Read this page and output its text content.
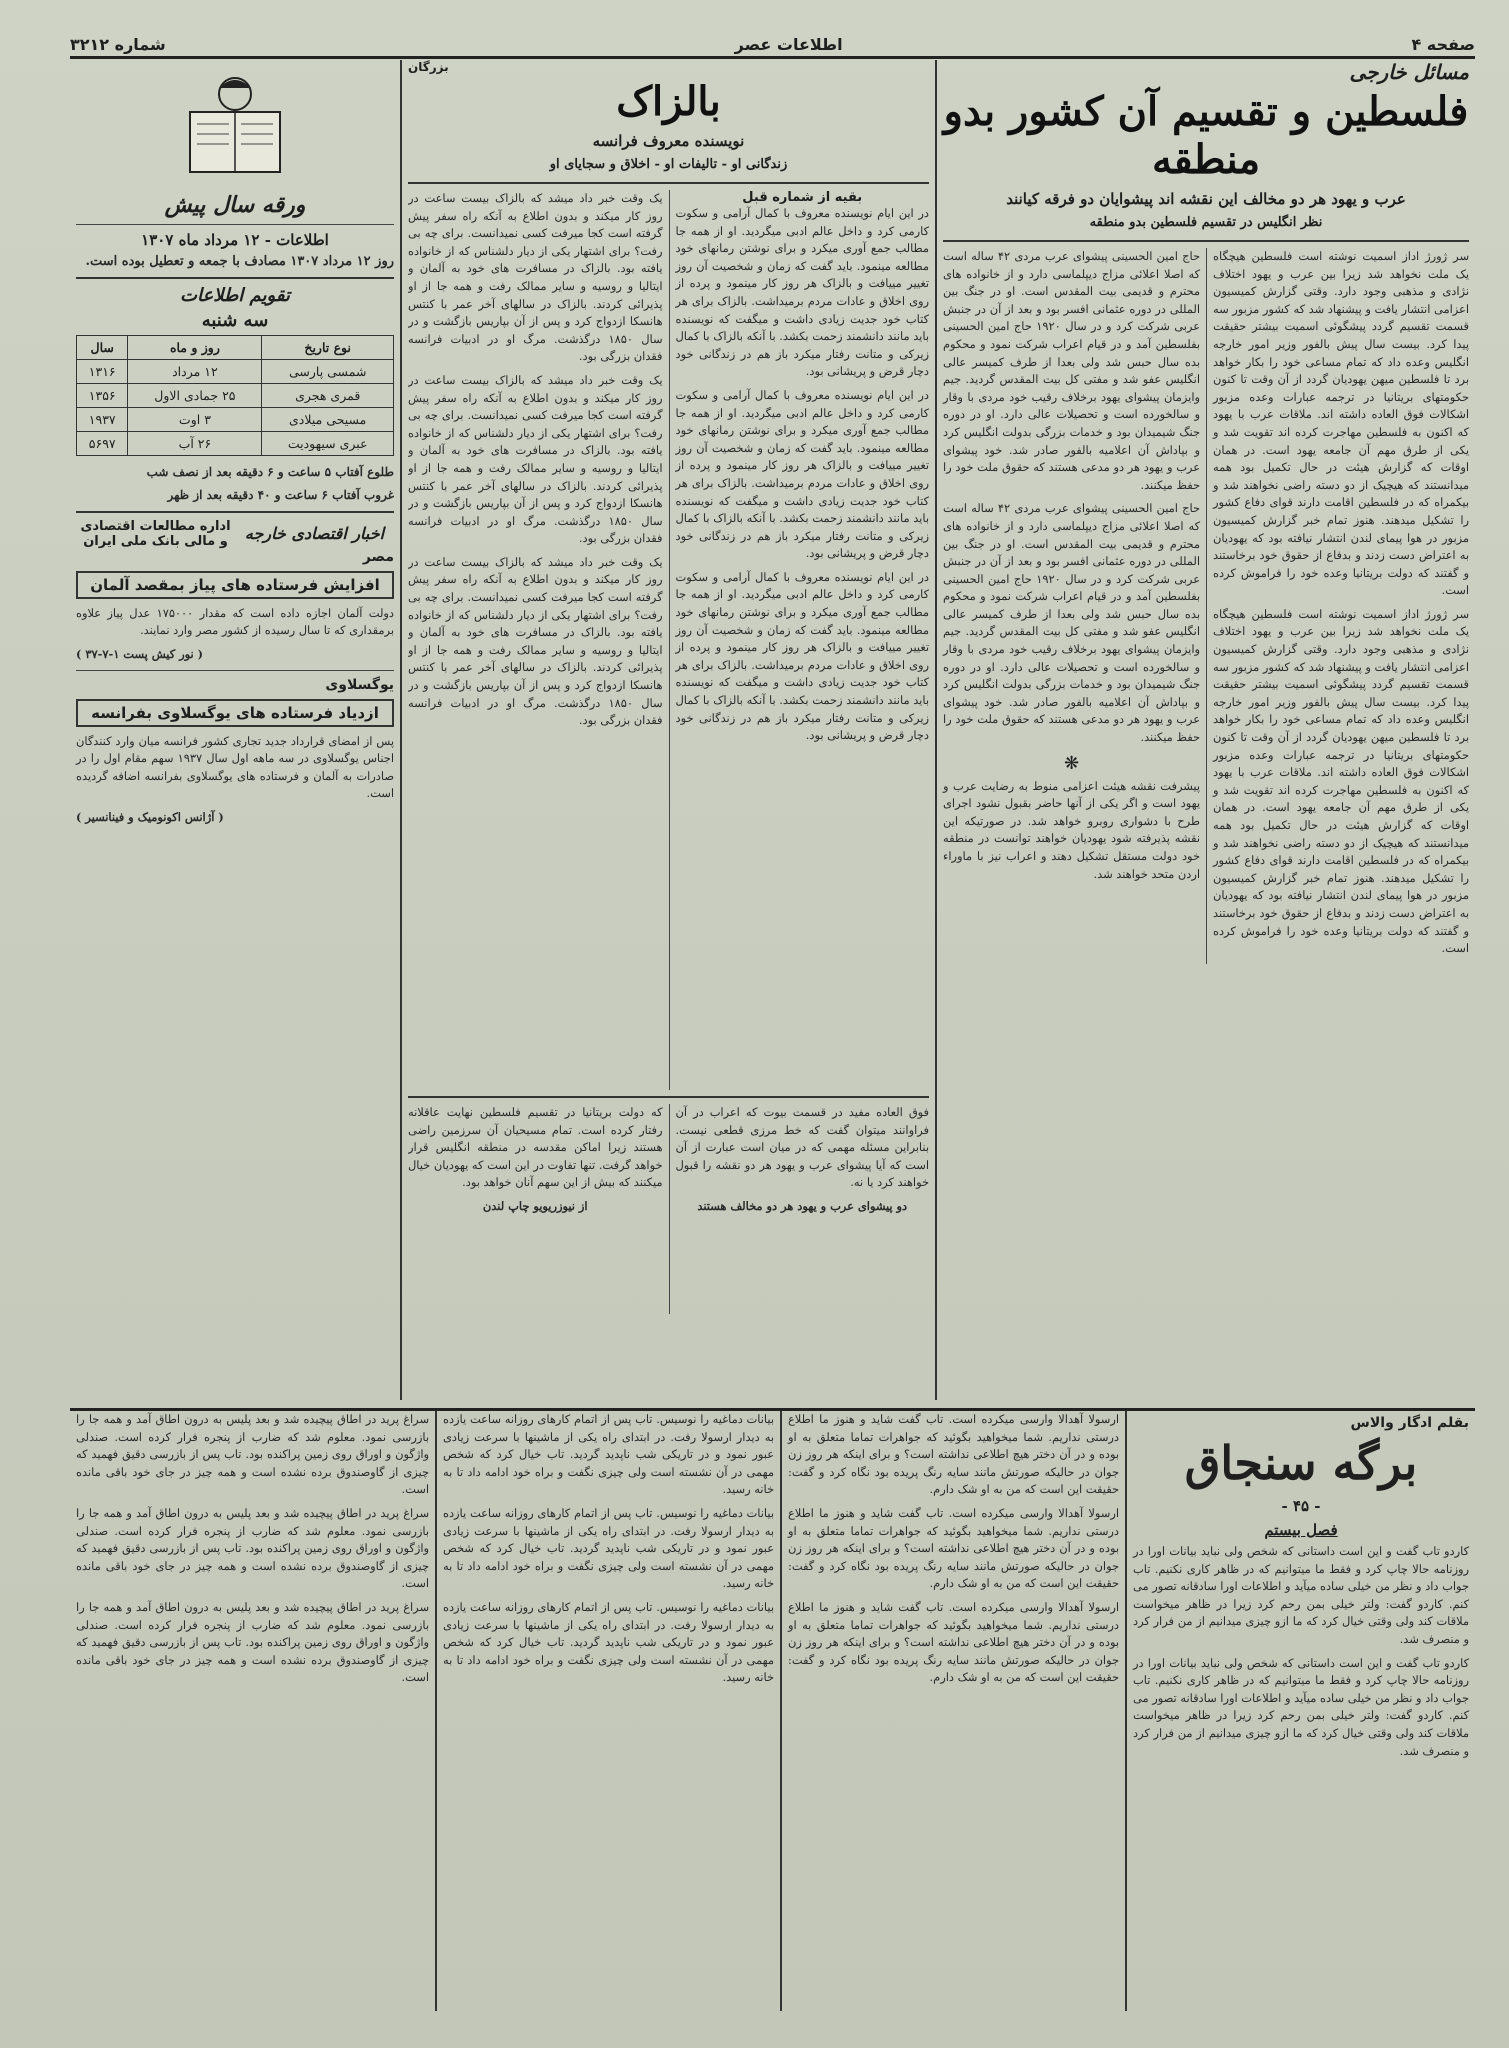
صفحه ۴
اطلاعات عصر
شماره ۳۲۱۲
مسائل خارجی
فلسطین و تقسیم آن کشور بدو منطقه
عرب و یهود هر دو مخالف این نقشه اند پیشوایان دو فرقه کیانند
نظر انگلیس در تقسیم فلسطین بدو منطقه

سر ژورژ اداز اسمیت نوشته است فلسطین هیچگاه یک ملت نخواهد شد زیرا بین عرب و یهود اختلاف نژادی و مذهبی وجود دارد. وقتی گزارش کمیسیون اعزامی انتشار یافت و پیشنهاد شد که کشور مزبور سه قسمت تقسیم گردد پیشگوئی اسمیت بیشتر حقیقت پیدا کرد. بیست سال پیش بالفور وزیر امور خارجه انگلیس وعده داد که تمام مساعی خود را بکار خواهد برد تا فلسطین میهن یهودیان گردد از آن وقت تا کنون حکومتهای بریتانیا در ترجمه عبارات وعده مزبور اشکالات فوق العاده داشته اند. ملاقات عرب با یهود که اکنون به فلسطین مهاجرت کرده اند تقویت شد و یکی از طرق مهم آن جامعه یهود است. در همان اوقات که گزارش هیئت در حال تکمیل بود همه میدانستند که هیچیک از دو دسته راضی نخواهند شد و بیکمراه که در فلسطین اقامت دارند قوای دفاع کشور را تشکیل میدهند. هنوز تمام خبر گزارش کمیسیون مزبور در هوا پیمای لندن انتشار نیافته بود که یهودیان به اعتراض دست زدند و بدفاع از حقوق خود برخاستند و گفتند که دولت بریتانیا وعده خود را فراموش کرده است.

سر ژورژ اداز اسمیت نوشته است فلسطین هیچگاه یک ملت نخواهد شد زیرا بین عرب و یهود اختلاف نژادی و مذهبی وجود دارد. وقتی گزارش کمیسیون اعزامی انتشار یافت و پیشنهاد شد که کشور مزبور سه قسمت تقسیم گردد پیشگوئی اسمیت بیشتر حقیقت پیدا کرد. بیست سال پیش بالفور وزیر امور خارجه انگلیس وعده داد که تمام مساعی خود را بکار خواهد برد تا فلسطین میهن یهودیان گردد از آن وقت تا کنون حکومتهای بریتانیا در ترجمه عبارات وعده مزبور اشکالات فوق العاده داشته اند. ملاقات عرب با یهود که اکنون به فلسطین مهاجرت کرده اند تقویت شد و یکی از طرق مهم آن جامعه یهود است. در همان اوقات که گزارش هیئت در حال تکمیل بود همه میدانستند که هیچیک از دو دسته راضی نخواهند شد و بیکمراه که در فلسطین اقامت دارند قوای دفاع کشور را تشکیل میدهند. هنوز تمام خبر گزارش کمیسیون مزبور در هوا پیمای لندن انتشار نیافته بود که یهودیان به اعتراض دست زدند و بدفاع از حقوق خود برخاستند و گفتند که دولت بریتانیا وعده خود را فراموش کرده است.

حاج امین الحسینی پیشوای عرب مردی ۴۲ ساله است که اصلا اعلائی مزاج دیپلماسی دارد و از خانواده های محترم و قدیمی بیت المقدس است. او در جنگ بین المللی در دوره عثمانی افسر بود و بعد از آن در جنبش عربی شرکت کرد و در سال ۱۹۲۰ حاج امین الحسینی بفلسطین آمد و در قیام اعراب شرکت نمود و محکوم بده سال حبس شد ولی بعدا از طرف کمیسر عالی انگلیس عفو شد و مفتی کل بیت المقدس گردید. جیم وایزمان پیشوای یهود برخلاف رقیب خود مردی با وقار و سالخورده است و تحصیلات عالی دارد. او در دوره جنگ شیمیدان بود و خدمات بزرگی بدولت انگلیس کرد و بپاداش آن اعلامیه بالفور صادر شد. خود پیشوای عرب و یهود هر دو مدعی هستند که حقوق ملت خود را حفظ میکنند.

حاج امین الحسینی پیشوای عرب مردی ۴۲ ساله است که اصلا اعلائی مزاج دیپلماسی دارد و از خانواده های محترم و قدیمی بیت المقدس است. او در جنگ بین المللی در دوره عثمانی افسر بود و بعد از آن در جنبش عربی شرکت کرد و در سال ۱۹۲۰ حاج امین الحسینی بفلسطین آمد و در قیام اعراب شرکت نمود و محکوم بده سال حبس شد ولی بعدا از طرف کمیسر عالی انگلیس عفو شد و مفتی کل بیت المقدس گردید. جیم وایزمان پیشوای یهود برخلاف رقیب خود مردی با وقار و سالخورده است و تحصیلات عالی دارد. او در دوره جنگ شیمیدان بود و خدمات بزرگی بدولت انگلیس کرد و بپاداش آن اعلامیه بالفور صادر شد. خود پیشوای عرب و یهود هر دو مدعی هستند که حقوق ملت خود را حفظ میکنند.

❋

پیشرفت نقشه هیئت اعزامی منوط به رضایت عرب و یهود است و اگر یکی از آنها حاضر بقبول نشود اجرای طرح با دشواری روبرو خواهد شد. در صورتیکه این نقشه پذیرفته شود یهودیان خواهند توانست در منطقه خود دولت مستقل تشکیل دهند و اعراب نیز با ماوراء اردن متحد خواهند شد.

بزرگان
بالزاک
نویسنده معروف فرانسه
زندگانی او - تالیفات او - اخلاق و سجایای او
بقیه از شماره قبل

در این ایام نویسنده معروف با کمال آرامی و سکوت کارمی کرد و داخل عالم ادبی میگردید. او از همه جا مطالب جمع آوری میکرد و برای نوشتن رمانهای خود مطالعه مینمود. باید گفت که زمان و شخصیت آن روز تغییر مییافت و بالزاک هر روز کار مینمود و پرده از روی اخلاق و عادات مردم برمیداشت. بالزاک برای هر کتاب خود جدیت زیادی داشت و میگفت که نویسنده باید مانند دانشمند زحمت بکشد. با آنکه بالزاک با کمال زیرکی و متانت رفتار میکرد باز هم در زندگانی خود دچار قرض و پریشانی بود.

در این ایام نویسنده معروف با کمال آرامی و سکوت کارمی کرد و داخل عالم ادبی میگردید. او از همه جا مطالب جمع آوری میکرد و برای نوشتن رمانهای خود مطالعه مینمود. باید گفت که زمان و شخصیت آن روز تغییر مییافت و بالزاک هر روز کار مینمود و پرده از روی اخلاق و عادات مردم برمیداشت. بالزاک برای هر کتاب خود جدیت زیادی داشت و میگفت که نویسنده باید مانند دانشمند زحمت بکشد. با آنکه بالزاک با کمال زیرکی و متانت رفتار میکرد باز هم در زندگانی خود دچار قرض و پریشانی بود.

در این ایام نویسنده معروف با کمال آرامی و سکوت کارمی کرد و داخل عالم ادبی میگردید. او از همه جا مطالب جمع آوری میکرد و برای نوشتن رمانهای خود مطالعه مینمود. باید گفت که زمان و شخصیت آن روز تغییر مییافت و بالزاک هر روز کار مینمود و پرده از روی اخلاق و عادات مردم برمیداشت. بالزاک برای هر کتاب خود جدیت زیادی داشت و میگفت که نویسنده باید مانند دانشمند زحمت بکشد. با آنکه بالزاک با کمال زیرکی و متانت رفتار میکرد باز هم در زندگانی خود دچار قرض و پریشانی بود.

یک وقت خبر داد میشد که بالزاک بیست ساعت در روز کار میکند و بدون اطلاع به آنکه راه سفر پیش گرفته است کجا میرفت کسی نمیدانست. برای چه بی رفت؟ برای اشتهار یکی از دیار دلشناس که از خانواده یافته بود. بالزاک در مسافرت های خود به آلمان و ایتالیا و روسیه و سایر ممالک رفت و همه جا از او پذیرائی کردند. بالزاک در سالهای آخر عمر با کنتس هانسکا ازدواج کرد و پس از آن بپاریس بازگشت و در سال ۱۸۵۰ درگذشت. مرگ او در ادبیات فرانسه فقدان بزرگی بود.

یک وقت خبر داد میشد که بالزاک بیست ساعت در روز کار میکند و بدون اطلاع به آنکه راه سفر پیش گرفته است کجا میرفت کسی نمیدانست. برای چه بی رفت؟ برای اشتهار یکی از دیار دلشناس که از خانواده یافته بود. بالزاک در مسافرت های خود به آلمان و ایتالیا و روسیه و سایر ممالک رفت و همه جا از او پذیرائی کردند. بالزاک در سالهای آخر عمر با کنتس هانسکا ازدواج کرد و پس از آن بپاریس بازگشت و در سال ۱۸۵۰ درگذشت. مرگ او در ادبیات فرانسه فقدان بزرگی بود.

یک وقت خبر داد میشد که بالزاک بیست ساعت در روز کار میکند و بدون اطلاع به آنکه راه سفر پیش گرفته است کجا میرفت کسی نمیدانست. برای چه بی رفت؟ برای اشتهار یکی از دیار دلشناس که از خانواده یافته بود. بالزاک در مسافرت های خود به آلمان و ایتالیا و روسیه و سایر ممالک رفت و همه جا از او پذیرائی کردند. بالزاک در سالهای آخر عمر با کنتس هانسکا ازدواج کرد و پس از آن بپاریس بازگشت و در سال ۱۸۵۰ درگذشت. مرگ او در ادبیات فرانسه فقدان بزرگی بود.

فوق العاده مفید در قسمت بیوت که اعراب در آن فراوانند میتوان گفت که خط مرزی قطعی نیست. بنابراین مسئله مهمی که در میان است عبارت از آن است که آیا پیشوای عرب و یهود هر دو نقشه را قبول خواهند کرد یا نه.

دو پیشوای عرب و یهود هر دو مخالف هستند

که دولت بریتانیا در تقسیم فلسطین نهایت عاقلانه رفتار کرده است. تمام مسیحیان آن سرزمین راضی هستند زیرا اماکن مقدسه در منطقه انگلیس قرار خواهد گرفت. تنها تفاوت در این است که یهودیان خیال میکنند که بیش از این سهم آنان خواهد بود.

از نیوزریویو چاپ لندن

ورقه سال پیش
اطلاعات - ۱۲ مرداد ماه ۱۳۰۷

روز ۱۲ مرداد ۱۳۰۷ مصادف با جمعه و تعطیل بوده است.

تقویم اطلاعات
سه شنبه
نوع تاریخ	روز و ماه	سال
شمسی پارسی	۱۲ مرداد	۱۳۱۶
قمری هجری	۲۵ جمادی الاول	۱۳۵۶
مسیحی میلادی	۳ اوت	۱۹۳۷
عبری سیهودیت	۲۶ آب	۵۶۹۷

طلوع آفتاب ۵ ساعت و ۶ دقیقه بعد از نصف شب

غروب آفتاب ۶ ساعت و ۴۰ دقیقه بعد از ظهر

اخبار اقتصادی خارجه
اداره مطالعات اقتصادی و مالی بانک ملی ایران
مصر
افزایش فرستاده های پیاز بمقصد آلمان

دولت آلمان اجازه داده است که مقدار ۱۷۵۰۰۰ عدل پیاز علاوه برمقداری که تا سال رسیده از کشور مصر وارد نمایند.

( نور کیش پست ۱-۷-۳۷ )

یوگسلاوی
ازدیاد فرستاده های یوگسلاوی بفرانسه

پس از امضای قرارداد جدید تجاری کشور فرانسه میان وارد کنندگان اجناس یوگسلاوی در سه ماهه اول سال ۱۹۳۷ سهم مقام اول را در صادرات به آلمان و فرستاده های یوگسلاوی بفرانسه اضافه گردیده است.

( آژانس اکونومیک و فینانسیر )

بقلم ادگار والاس
برگه سنجاق
- ۴۵ -
فصل بیستم

کاردو تاب گفت و این است داستانی که شخص ولی نباید بیانات اورا در روزنامه حالا چاپ کرد و فقط ما میتوانیم که در ظاهر کاری نکنیم. تاب جواب داد و نظر من خیلی ساده میآید و اطلاعات اورا سادقانه تصور می کنم. کاردو گفت: ولتر خیلی بمن رحم کرد زیرا در ظاهر میخواست ملاقات کند ولی وقتی خیال کرد که ما ازو چیزی میدانیم از من فرار کرد و منصرف شد.

کاردو تاب گفت و این است داستانی که شخص ولی نباید بیانات اورا در روزنامه حالا چاپ کرد و فقط ما میتوانیم که در ظاهر کاری نکنیم. تاب جواب داد و نظر من خیلی ساده میآید و اطلاعات اورا سادقانه تصور می کنم. کاردو گفت: ولتر خیلی بمن رحم کرد زیرا در ظاهر میخواست ملاقات کند ولی وقتی خیال کرد که ما ازو چیزی میدانیم از من فرار کرد و منصرف شد.

ارسولا آهدالا وارسی میکرده است. تاب گفت شاید و هنوز ما اطلاع درستی نداریم. شما میخواهید بگوئید که جواهرات تماما متعلق به او بوده و در آن دختر هیچ اطلاعی نداشته است؟ و برای اینکه هر روز زن جوان در حالیکه صورتش مانند سایه رنگ پریده بود نگاه کرد و گفت: حقیقت این است که من به او شک دارم.

ارسولا آهدالا وارسی میکرده است. تاب گفت شاید و هنوز ما اطلاع درستی نداریم. شما میخواهید بگوئید که جواهرات تماما متعلق به او بوده و در آن دختر هیچ اطلاعی نداشته است؟ و برای اینکه هر روز زن جوان در حالیکه صورتش مانند سایه رنگ پریده بود نگاه کرد و گفت: حقیقت این است که من به او شک دارم.

ارسولا آهدالا وارسی میکرده است. تاب گفت شاید و هنوز ما اطلاع درستی نداریم. شما میخواهید بگوئید که جواهرات تماما متعلق به او بوده و در آن دختر هیچ اطلاعی نداشته است؟ و برای اینکه هر روز زن جوان در حالیکه صورتش مانند سایه رنگ پریده بود نگاه کرد و گفت: حقیقت این است که من به او شک دارم.

بیانات دماغیه را نوسیس. تاب پس از اتمام کارهای روزانه ساعت یازده به دیدار ارسولا رفت. در ابتدای راه یکی از ماشینها با سرعت زیادی عبور نمود و در تاریکی شب ناپدید گردید. تاب خیال کرد که شخص مهمی در آن نشسته است ولی چیزی نگفت و براه خود ادامه داد تا به خانه رسید.

بیانات دماغیه را نوسیس. تاب پس از اتمام کارهای روزانه ساعت یازده به دیدار ارسولا رفت. در ابتدای راه یکی از ماشینها با سرعت زیادی عبور نمود و در تاریکی شب ناپدید گردید. تاب خیال کرد که شخص مهمی در آن نشسته است ولی چیزی نگفت و براه خود ادامه داد تا به خانه رسید.

بیانات دماغیه را نوسیس. تاب پس از اتمام کارهای روزانه ساعت یازده به دیدار ارسولا رفت. در ابتدای راه یکی از ماشینها با سرعت زیادی عبور نمود و در تاریکی شب ناپدید گردید. تاب خیال کرد که شخص مهمی در آن نشسته است ولی چیزی نگفت و براه خود ادامه داد تا به خانه رسید.

سراغ پرید در اطاق پیچیده شد و بعد پلیس به درون اطاق آمد و همه جا را بازرسی نمود. معلوم شد که ضارب از پنجره فرار کرده است. صندلی واژگون و اوراق روی زمین پراکنده بود. تاب پس از بازرسی دقیق فهمید که چیزی از گاوصندوق برده نشده است و همه چیز در جای خود باقی مانده است.

سراغ پرید در اطاق پیچیده شد و بعد پلیس به درون اطاق آمد و همه جا را بازرسی نمود. معلوم شد که ضارب از پنجره فرار کرده است. صندلی واژگون و اوراق روی زمین پراکنده بود. تاب پس از بازرسی دقیق فهمید که چیزی از گاوصندوق برده نشده است و همه چیز در جای خود باقی مانده است.

سراغ پرید در اطاق پیچیده شد و بعد پلیس به درون اطاق آمد و همه جا را بازرسی نمود. معلوم شد که ضارب از پنجره فرار کرده است. صندلی واژگون و اوراق روی زمین پراکنده بود. تاب پس از بازرسی دقیق فهمید که چیزی از گاوصندوق برده نشده است و همه چیز در جای خود باقی مانده است.
